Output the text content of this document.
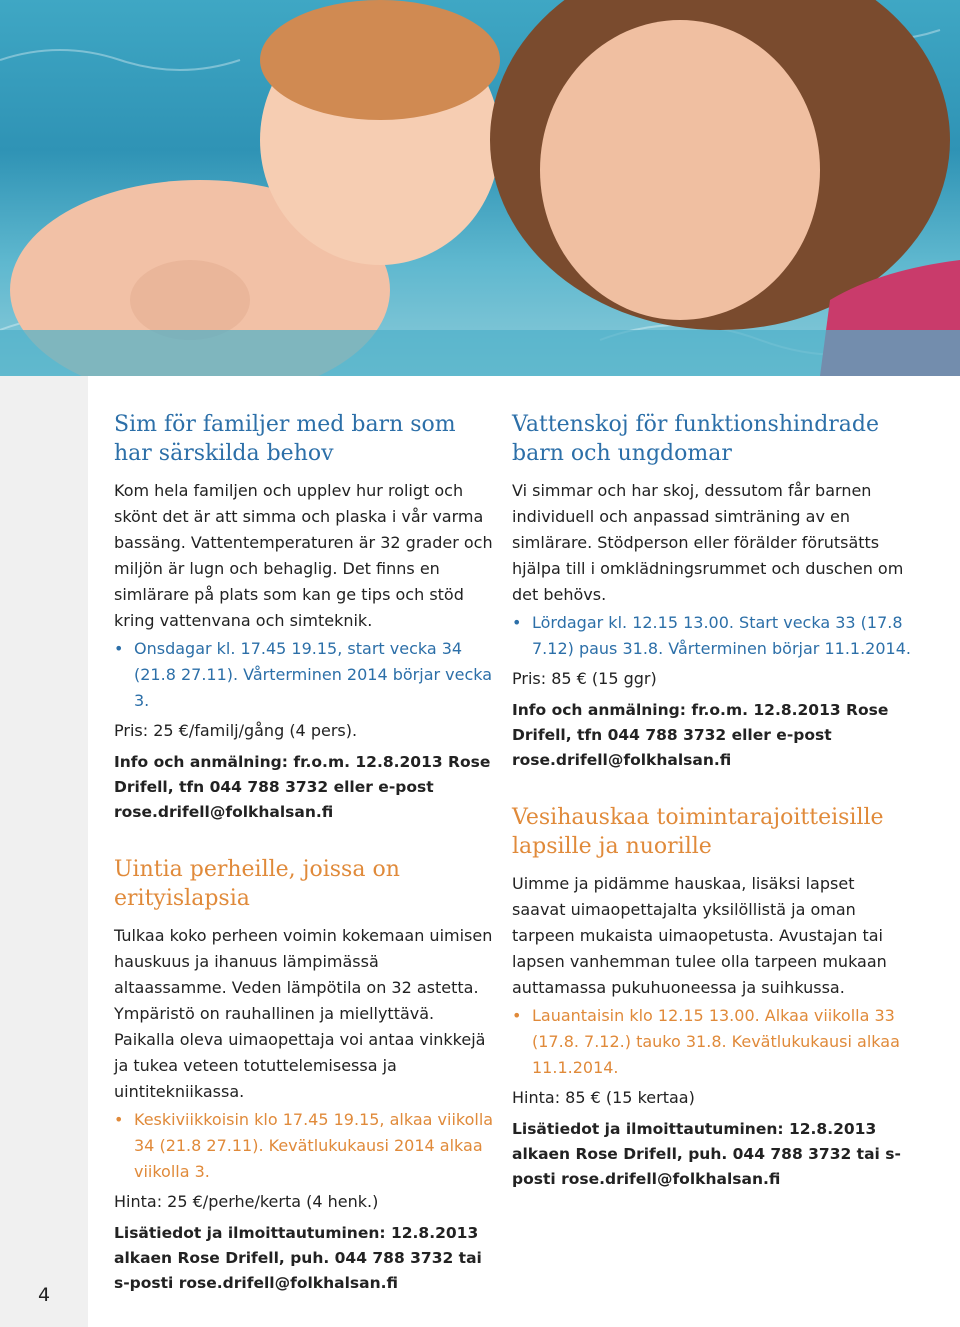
4
Sim för familjer med barn som har särskilda behov

Kom hela familjen och upplev hur roligt och skönt det är att simma och plaska i vår varma bassäng. Vattentemperaturen är 32 grader och miljön är lugn och behaglig. Det finns en simlärare på plats som kan ge tips och stöd kring vattenvana och simteknik.

• Onsdagar kl. 17.45 19.15, start vecka 34 (21.8 27.11). Vårterminen 2014 börjar vecka 3.

Pris: 25 €/familj/gång (4 pers).

Info och anmälning: fr.o.m. 12.8.2013 Rose Drifell, tfn 044 788 3732 eller e-post rose.drifell@folkhalsan.fi

Uintia perheille, joissa on erityislapsia

Tulkaa koko perheen voimin kokemaan uimisen hauskuus ja ihanuus lämpimässä altaassamme. Veden lämpötila on 32 astetta. Ympäristö on rauhallinen ja miellyttävä. Paikalla oleva uimaopettaja voi antaa vinkkejä ja tukea veteen totuttelemisessa ja uintitekniikassa.

• Keskiviikkoisin klo 17.45 19.15, alkaa viikolla 34 (21.8 27.11). Kevätlukukausi 2014 alkaa viikolla 3.

Hinta: 25 €/perhe/kerta (4 henk.)

Lisätiedot ja ilmoittautuminen: 12.8.2013 alkaen Rose Drifell, puh. 044 788 3732 tai s-posti rose.drifell@folkhalsan.fi

Vattenskoj för funktionshindrade barn och ungdomar

Vi simmar och har skoj, dessutom får barnen individuell och anpassad simträning av en simlärare. Stödperson eller förälder förutsätts hjälpa till i omklädningsrummet och duschen om det behövs.

• Lördagar kl. 12.15 13.00. Start vecka 33 (17.8 7.12) paus 31.8. Vårterminen börjar 11.1.2014.

Pris: 85 € (15 ggr)

Info och anmälning: fr.o.m. 12.8.2013 Rose Drifell, tfn 044 788 3732 eller e-post rose.drifell@folkhalsan.fi

Vesihauskaa toimintarajoitteisille lapsille ja nuorille

Uimme ja pidämme hauskaa, lisäksi lapset saavat uimaopettajalta yksilöllistä ja oman tarpeen mukaista uimaopetusta. Avustajan tai lapsen vanhemman tulee olla tarpeen mukaan auttamassa pukuhuoneessa ja suihkussa.

• Lauantaisin klo 12.15 13.00. Alkaa viikolla 33 (17.8. 7.12.) tauko 31.8. Kevätlukukausi alkaa 11.1.2014.

Hinta: 85 € (15 kertaa)

Lisätiedot ja ilmoittautuminen: 12.8.2013 alkaen Rose Drifell, puh. 044 788 3732 tai s-posti rose.drifell@folkhalsan.fi
